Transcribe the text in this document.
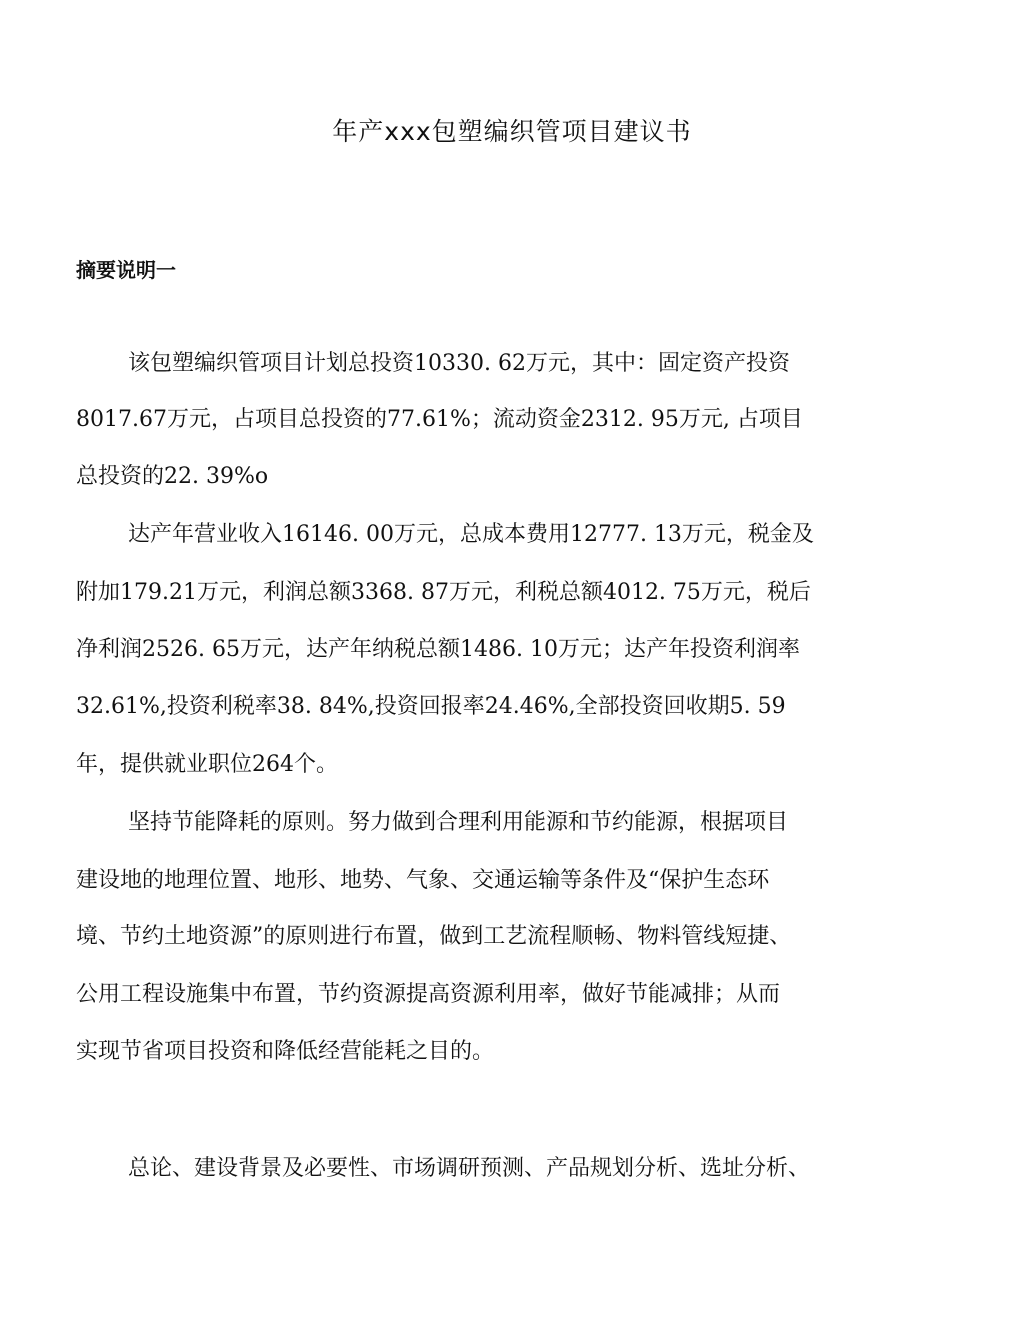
年产xxx包塑编织管项目建议书
摘要说明一
该包塑编织管项目计划总投资10330. 62万元，其中：固定资产投资
8017.67万元，占项目总投资的77.61%；流动资金2312. 95万元, 占项目
总投资的22. 39%o
达产年营业收入16146. 00万元，总成本费用12777. 13万元，税金及
附加179.21万元，利润总额3368. 87万元，利税总额4012. 75万元，税后
净利润2526. 65万元，达产年纳税总额1486. 10万元；达产年投资利润率
32.61%,投资利税率38. 84%,投资回报率24.46%,全部投资回收期5. 59
年，提供就业职位264个。
坚持节能降耗的原则。努力做到合理利用能源和节约能源，根据项目
建设地的地理位置、地形、地势、气象、交通运输等条件及“保护生态环
境、节约土地资源”的原则进行布置，做到工艺流程顺畅、物料管线短捷、
公用工程设施集中布置，节约资源提高资源利用率，做好节能减排；从而
实现节省项目投资和降低经营能耗之目的。
总论、建设背景及必要性、市场调研预测、产品规划分析、选址分析、
